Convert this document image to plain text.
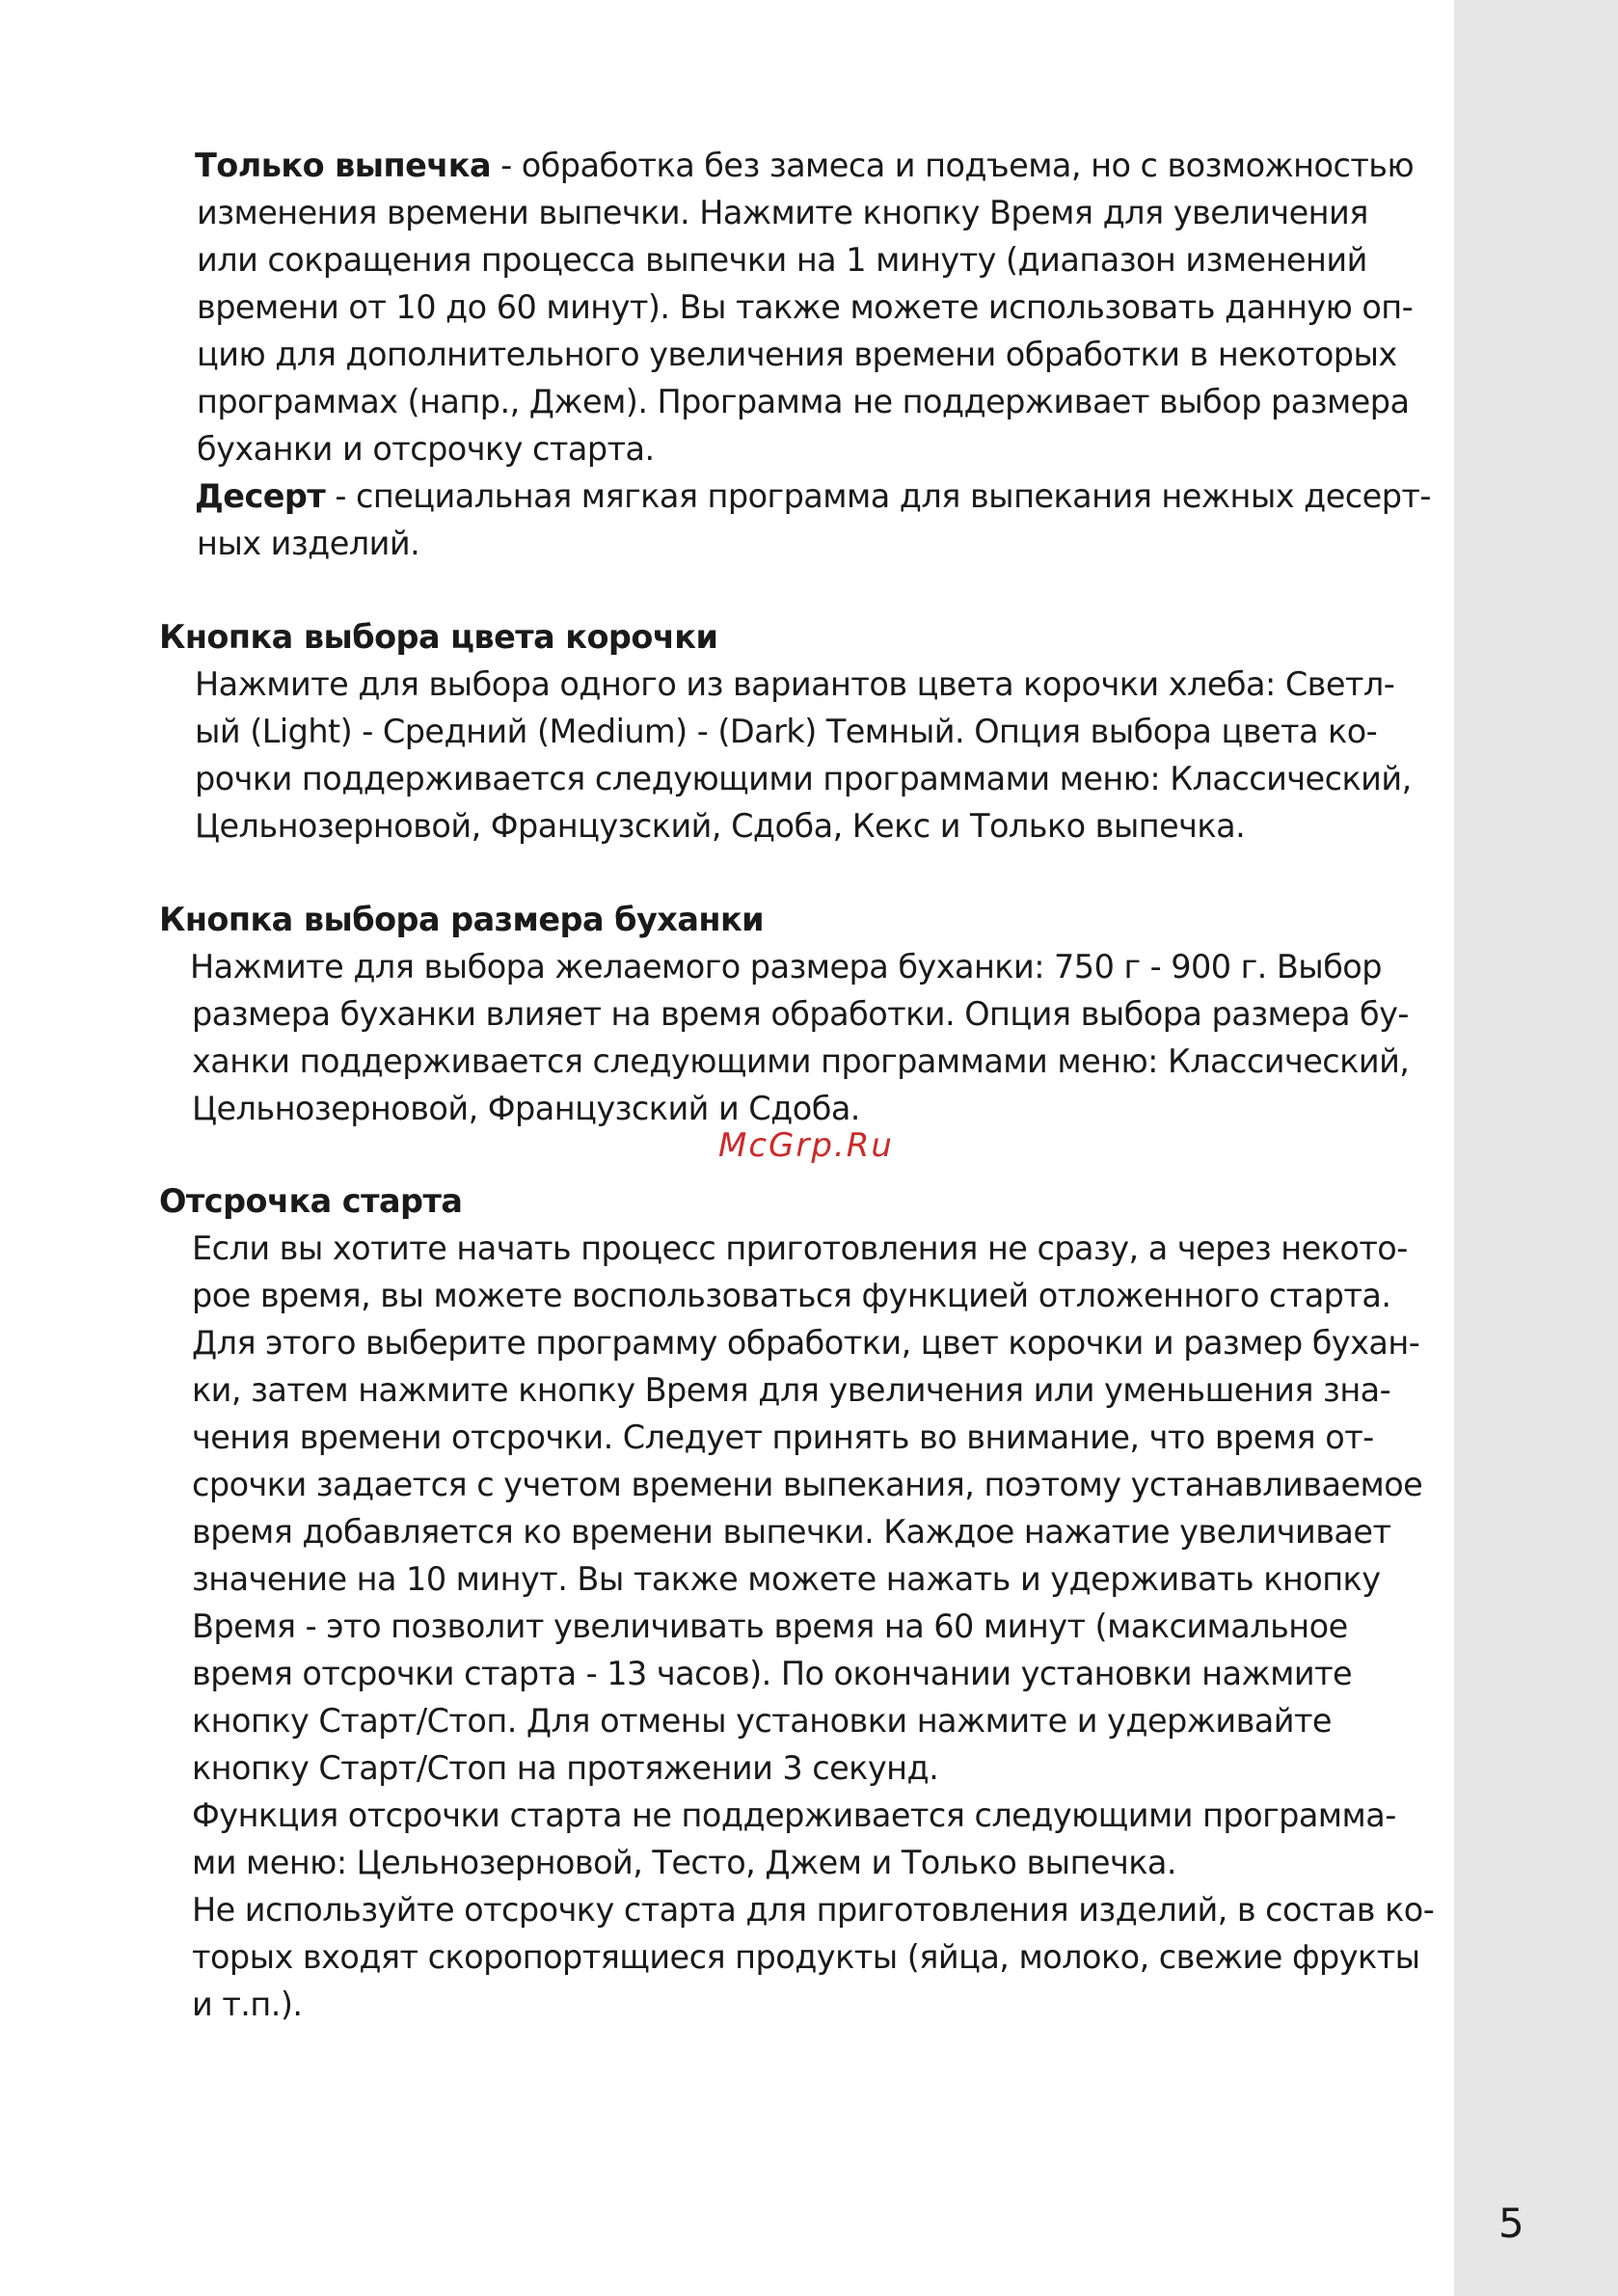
Только выпечка - обработка без замеса и подъема, но с возможностью

изменения времени выпечки. Нажмите кнопку Время для увеличения

или сокращения процесса выпечки на 1 минуту (диапазон изменений

времени от 10 до 60 минут). Вы также можете использовать данную оп-

цию для дополнительного увеличения времени обработки в некоторых

программах (напр., Джем). Программа не поддерживает выбор размера

буханки и отсрочку старта.

Десерт - специальная мягкая программа для выпекания нежных десерт-

ных изделий.

Кнопка выбора цвета корочки

Нажмите для выбора одного из вариантов цвета корочки хлеба: Светл-

ый (Light) - Средний (Medium) - (Dark) Темный. Опция выбора цвета ко-

рочки поддерживается следующими программами меню: Классический,

Цельнозерновой, Французский, Сдоба, Кекс и Только выпечка.

Кнопка выбора размера буханки

Нажмите для выбора желаемого размера буханки: 750 г - 900 г. Выбор

размера буханки влияет на время обработки. Опция выбора размера бу-

ханки поддерживается следующими программами меню: Классический,

Цельнозерновой, Французский и Сдоба.

McGrp.Ru

Отсрочка старта

Если вы хотите начать процесс приготовления не сразу, а через некото-

рое время, вы можете воспользоваться функцией отложенного старта.

Для этого выберите программу обработки, цвет корочки и размер бухан-

ки, затем нажмите кнопку Время для увеличения или уменьшения зна-

чения времени отсрочки. Следует принять во внимание, что время от-

срочки задается с учетом времени выпекания, поэтому устанавливаемое

время добавляется ко времени выпечки. Каждое нажатие увеличивает

значение на 10 минут. Вы также можете нажать и удерживать кнопку

Время - это позволит увеличивать время на 60 минут (максимальное

время отсрочки старта - 13 часов). По окончании установки нажмите

кнопку Старт/Стоп. Для отмены установки нажмите и удерживайте

кнопку Старт/Стоп на протяжении 3 секунд.

Функция отсрочки старта не поддерживается следующими программа-

ми меню: Цельнозерновой, Тесто, Джем и Только выпечка.

Не используйте отсрочку старта для приготовления изделий, в состав ко-

торых входят скоропортящиеся продукты (яйца, молоко, свежие фрукты

и т.п.).

5
